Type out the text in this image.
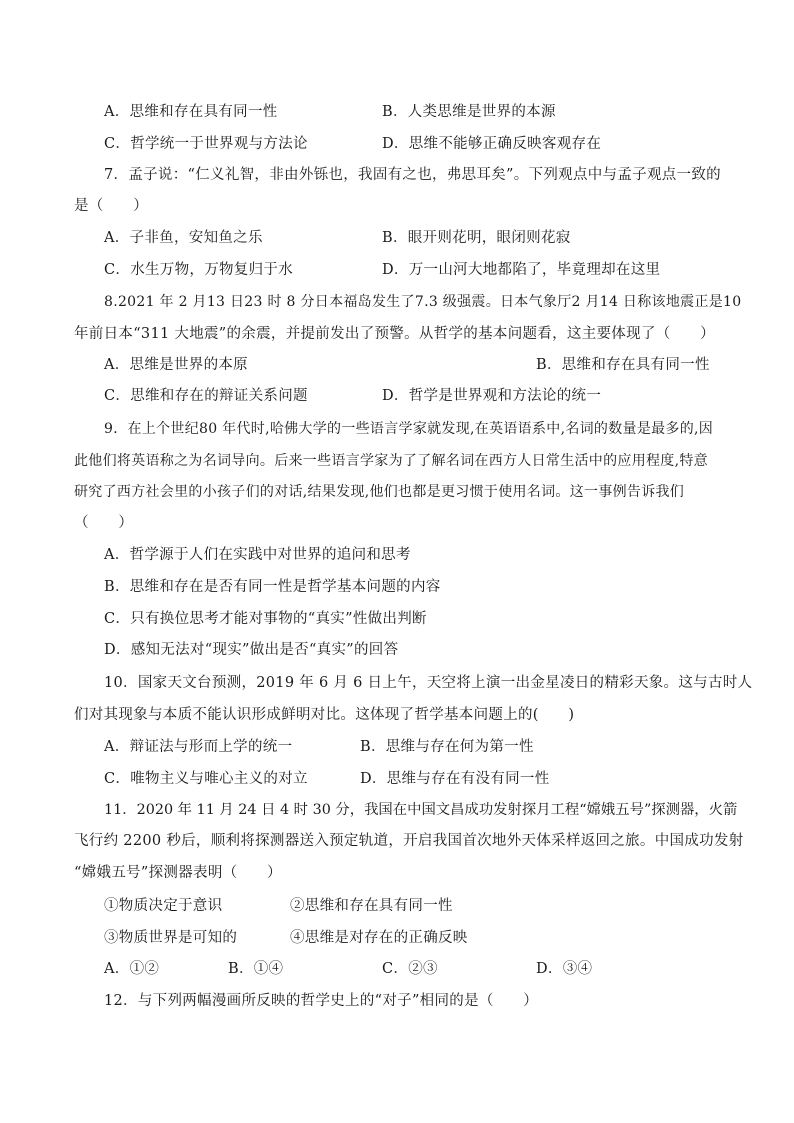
A．思维和存在具有同一性	B．人类思维是世界的本源
C．哲学统一于世界观与方法论	D．思维不能够正确反映客观存在
7．孟子说：“仁义礼智，非由外铄也，我固有之也，弗思耳矣”。下列观点中与孟子观点一致的
是（　　）
A．子非鱼，安知鱼之乐	B．眼开则花明，眼闭则花寂
C．水生万物，万物复归于水	D．万一山河大地都陷了，毕竟理却在这里
8.2021 年 2 月13 日23 时 8 分日本福岛发生了7.3 级强震。日本气象厅2 月14 日称该地震正是10
年前日本“311 大地震”的余震，并提前发出了预警。从哲学的基本问题看，这主要体现了（　　）
A．思维是世界的本原	B．思维和存在具有同一性
C．思维和存在的辩证关系问题	D．哲学是世界观和方法论的统一
9．在上个世纪80 年代时,哈佛大学的一些语言学家就发现,在英语语系中,名词的数量是最多的,因
此他们将英语称之为名词导向。后来一些语言学家为了了解名词在西方人日常生活中的应用程度,特意
研究了西方社会里的小孩子们的对话,结果发现,他们也都是更习惯于使用名词。这一事例告诉我们
（　　）
A．哲学源于人们在实践中对世界的追问和思考
B．思维和存在是否有同一性是哲学基本问题的内容
C．只有换位思考才能对事物的“真实”性做出判断
D．感知无法对“现实”做出是否“真实”的回答
10．国家天文台预测，2019 年 6 月 6 日上午，天空将上演一出金星凌日的精彩天象。这与古时人
们对其现象与本质不能认识形成鲜明对比。这体现了哲学基本问题上的(　　)
A．辩证法与形而上学的统一	B．思维与存在何为第一性
C．唯物主义与唯心主义的对立	D．思维与存在有没有同一性
11．2020 年 11 月 24 日 4 时 30 分，我国在中国文昌成功发射探月工程“嫦娥五号”探测器，火箭
飞行约 2200 秒后，顺利将探测器送入预定轨道，开启我国首次地外天体采样返回之旅。中国成功发射
“嫦娥五号”探测器表明（　　）
①物质决定于意识	②思维和存在具有同一性
③物质世界是可知的	④思维是对存在的正确反映
A．①②	B．①④	C．②③	D．③④
12．与下列两幅漫画所反映的哲学史上的“对子”相同的是（　　）
